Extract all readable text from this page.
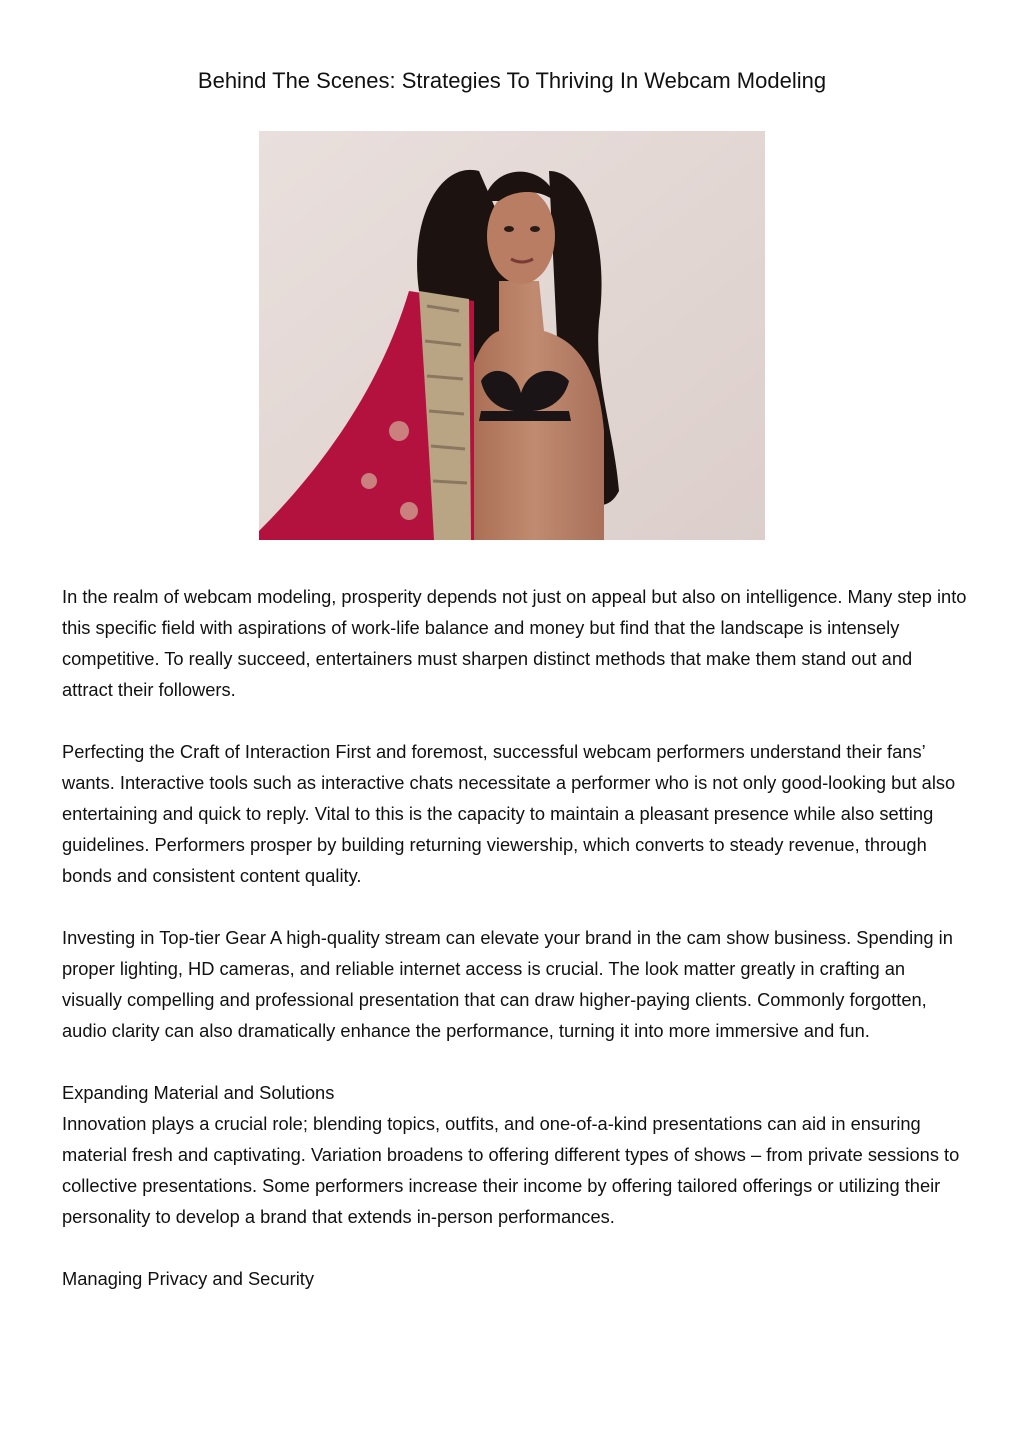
Behind The Scenes: Strategies To Thriving In Webcam Modeling

In the realm of webcam modeling, prosperity depends not just on appeal but also on intelligence. Many step into this specific field with aspirations of work-life balance and money but find that the landscape is intensely competitive. To really succeed, entertainers must sharpen distinct methods that make them stand out and attract their followers.

Perfecting the Craft of Interaction First and foremost, successful webcam performers understand their fans’ wants. Interactive tools such as interactive chats necessitate a performer who is not only good-looking but also entertaining and quick to reply. Vital to this is the capacity to maintain a pleasant presence while also setting guidelines. Performers prosper by building returning viewership, which converts to steady revenue, through bonds and consistent content quality.

Investing in Top-tier Gear A high-quality stream can elevate your brand in the cam show business. Spending in proper lighting, HD cameras, and reliable internet access is crucial. The look matter greatly in crafting an visually compelling and professional presentation that can draw higher-paying clients. Commonly forgotten, audio clarity can also dramatically enhance the performance, turning it into more immersive and fun.

Expanding Material and Solutions

Innovation plays a crucial role; blending topics, outfits, and one-of-a-kind presentations can aid in ensuring material fresh and captivating. Variation broadens to offering different types of shows – from private sessions to collective presentations. Some performers increase their income by offering tailored offerings or utilizing their personality to develop a brand that extends in-person performances.

Managing Privacy and Security
